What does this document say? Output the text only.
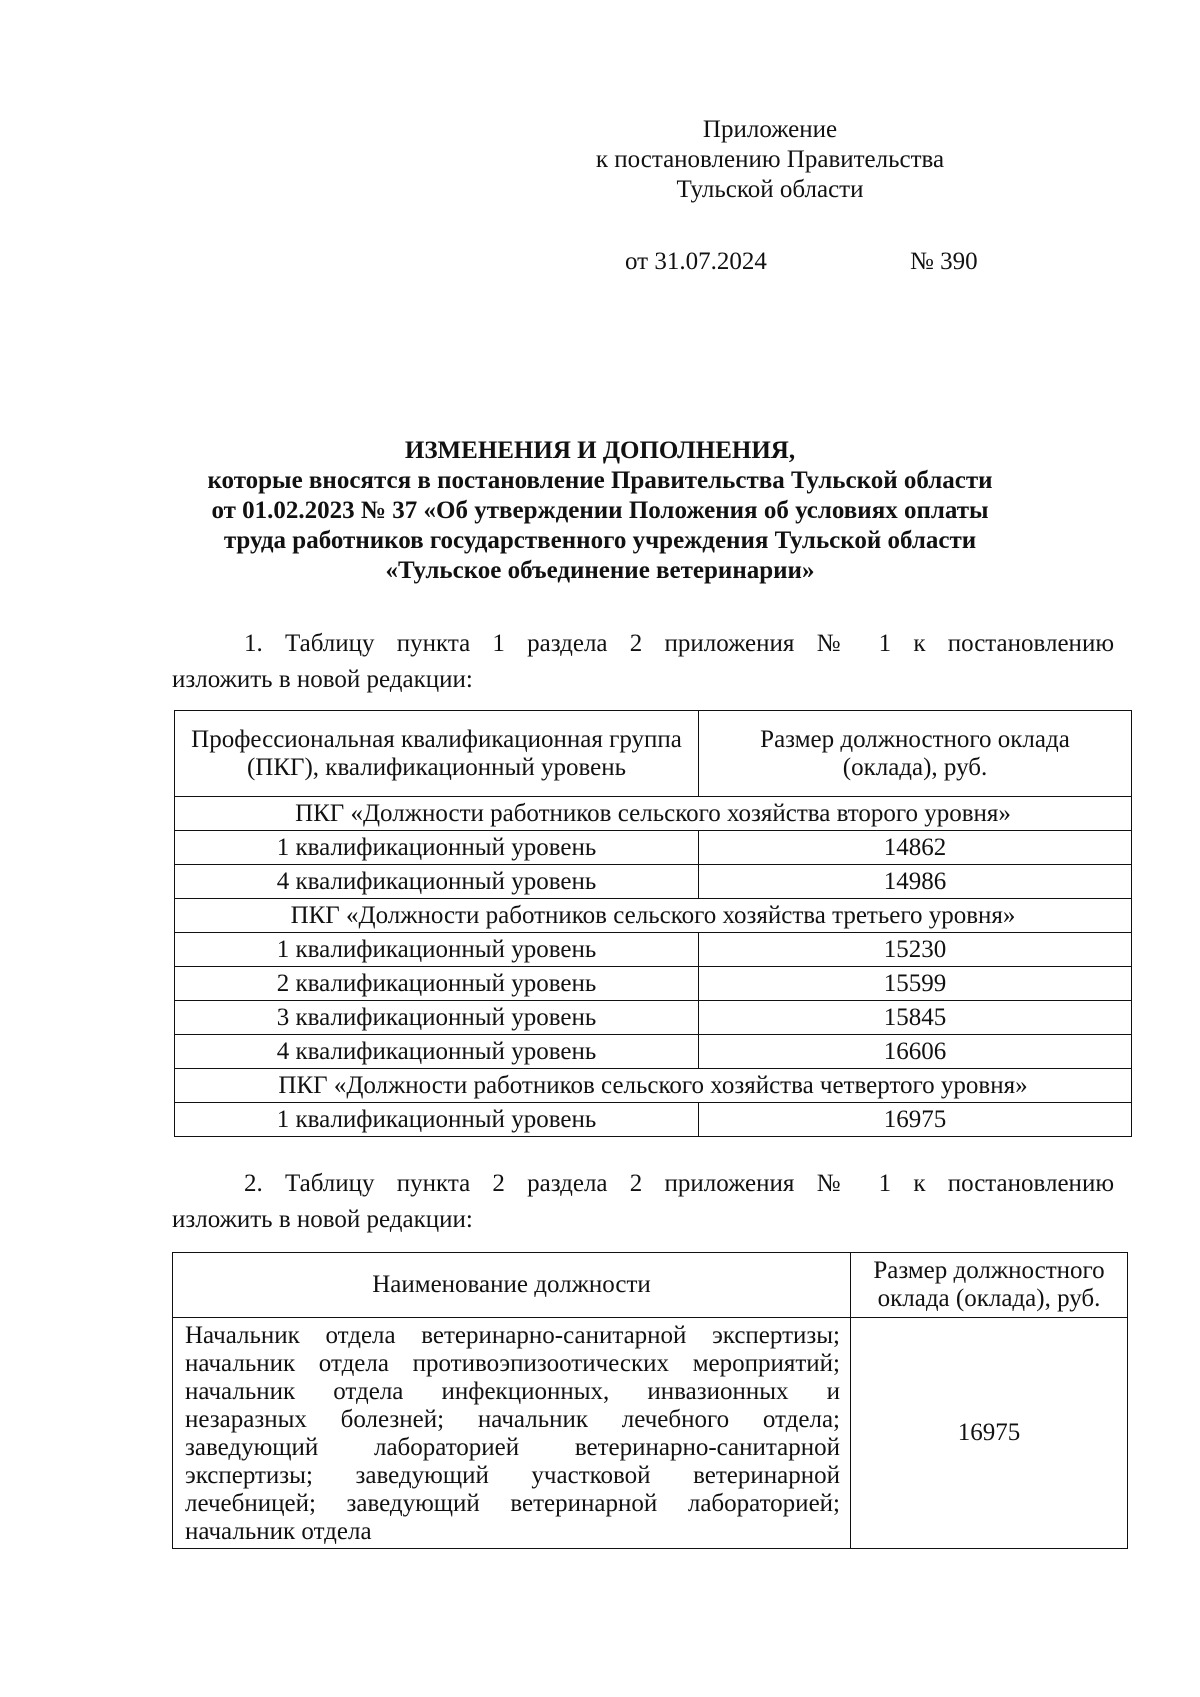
Приложение
к постановлению Правительства
Тульской области
от 31.07.2024	№ 390
ИЗМЕНЕНИЯ И ДОПОЛНЕНИЯ,
которые вносятся в постановление Правительства Тульской области
от 01.02.2023 № 37 «Об утверждении Положения об условиях оплаты
труда работников государственного учреждения Тульской области
«Тульское объединение ветеринарии»
1. Таблицу пункта 1 раздела 2 приложения № 1 к постановлению
изложить в новой редакции:
Профессиональная квалификационная группа (ПКГ), квалификационный уровень	Размер должностного оклада (оклада), руб.
ПКГ «Должности работников сельского хозяйства второго уровня»	
1 квалификационный уровень	14862
4 квалификационный уровень	14986
ПКГ «Должности работников сельского хозяйства третьего уровня»	
1 квалификационный уровень	15230
2 квалификационный уровень	15599
3 квалификационный уровень	15845
4 квалификационный уровень	16606
ПКГ «Должности работников сельского хозяйства четвертого уровня»	
1 квалификационный уровень	16975
2. Таблицу пункта 2 раздела 2 приложения № 1 к постановлению
изложить в новой редакции:
Наименование должности	Размер должностного оклада (оклада), руб.
Начальник отдела ветеринарно-санитарной экспертизы; начальник отдела противоэпизоотических мероприятий; начальник отдела инфекционных, инвазионных и незаразных болезней; начальник лечебного отдела; заведующий лабораторией ветеринарно-санитарной экспертизы; заведующий участковой ветеринарной лечебницей; заведующий ветеринарной лабораторией; начальник отдела	16975
